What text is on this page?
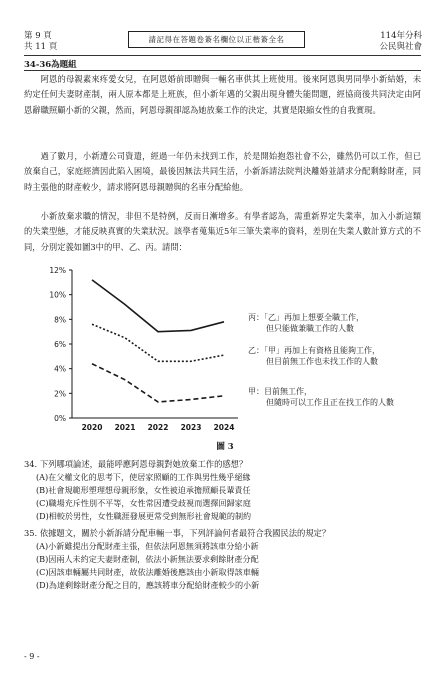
第 9 頁
共 11 頁
請記得在答題卷簽名欄位以正楷簽全名	114年分科
公民與社會
34-36為題組
阿恩的母親素來疼愛女兒，在阿恩婚前即贈與一輛名車供其上班使用。後來阿恩與男同學小新結婚，未約定任何夫妻財產制，兩人原本都是上班族，但小新年邁的父親出現身體失能問題，經協商後共同決定由阿恩辭職照顧小新的父親，然而，阿恩母親卻認為她放棄工作的決定，其實是限縮女性的自我實現。
過了數月，小新遭公司資遣，經過一年仍未找到工作，於是開始抱怨社會不公，雖然仍可以工作，但已放棄自己，家庭經濟因此陷入困境，最後因無法共同生活，小新訴請法院判決離婚並請求分配剩餘財產，同時主張他的財產較少，請求將阿恩母親贈與的名車分配給他。
小新放棄求職的情況，非但不是特例，反而日漸增多。有學者認為，需重新界定失業率，加入小新這類的失業型態，才能反映真實的失業狀況。該學者蒐集近5年三筆失業率的資料，差別在失業人數計算方式的不同，分別定義如圖3中的甲、乙、丙。請問：
0%
2%
4%
6%
8%
10%
12%
2020 2021 2022 2023 2024
丙：「乙」再加上想要全職工作，
但只能做兼職工作的人數
乙：「甲」再加上有資格且能夠工作，
但目前無工作也未找工作的人數
甲：目前無工作，
但隨時可以工作且正在找工作的人數
圖 3
34. 下列哪項論述，最能呼應阿恩母親對她放棄工作的感想？
(A)在父權文化的思考下，使居家照顧的工作與男性幾乎絕緣
(B)社會規範形塑理想母親形象，女性被迫承擔照顧長輩責任
(C)職場充斥性別不平等，女性常因遭受歧視而選擇回歸家庭
(D)相較於男性，女性職涯發展更常受到無形社會規範的制約
35. 依據題文，關於小新訴請分配車輛一事，下列評論何者最符合我國民法的規定？
(A)小新雖提出分配財產主張，但依法阿恩無須將該車分給小新
(B)因兩人未約定夫妻財產制，依法小新無法要求剩餘財產分配
(C)因該車輛屬共同財產，故依法離婚後應該由小新取得該車輛
(D)為達剩餘財產分配之目的，應該將車分配給財產較少的小新
- 9 -
